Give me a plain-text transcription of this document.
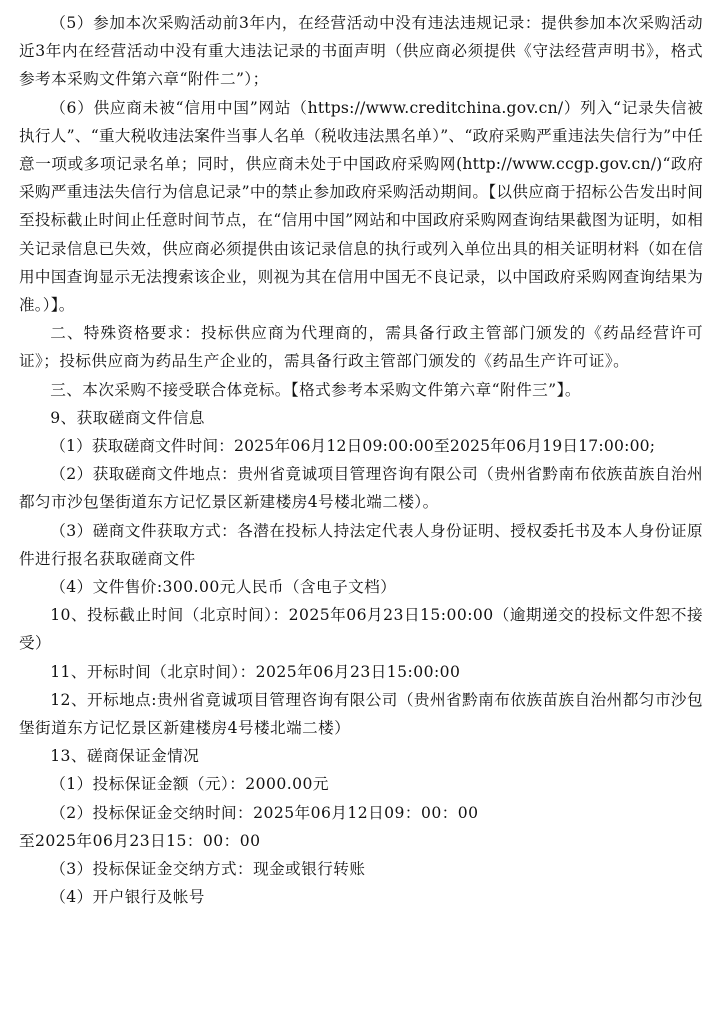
（5）参加本次采购活动前3年内，在经营活动中没有违法违规记录：提供参加本次采购活动近3年内在经营活动中没有重大违法记录的书面声明（供应商必须提供《守法经营声明书》，格式参考本采购文件第六章“附件二”）；

（6）供应商未被“信用中国”网站（https://www.creditchina.gov.cn/）列入“记录失信被执行人”、“重大税收违法案件当事人名单（税收违法黑名单）”、“政府采购严重违法失信行为”中任意一项或多项记录名单；同时，供应商未处于中国政府采购网(http://www.ccgp.gov.cn/)“政府采购严重违法失信行为信息记录”中的禁止参加政府采购活动期间。【以供应商于招标公告发出时间至投标截止时间止任意时间节点，在“信用中国”网站和中国政府采购网查询结果截图为证明，如相关记录信息已失效，供应商必须提供由该记录信息的执行或列入单位出具的相关证明材料（如在信用中国查询显示无法搜索该企业，则视为其在信用中国无不良记录，以中国政府采购网查询结果为准。）】。

二、特殊资格要求：投标供应商为代理商的，需具备行政主管部门颁发的《药品经营许可证》；投标供应商为药品生产企业的，需具备行政主管部门颁发的《药品生产许可证》。

三、本次采购不接受联合体竞标。【格式参考本采购文件第六章“附件三”】。

9、获取磋商文件信息

（1）获取磋商文件时间：2025年06月12日09:00:00至2025年06月19日17:00:00;

（2）获取磋商文件地点：贵州省竟诚项目管理咨询有限公司（贵州省黔南布依族苗族自治州都匀市沙包堡街道东方记忆景区新建楼房4号楼北端二楼）。

（3）磋商文件获取方式：各潜在投标人持法定代表人身份证明、授权委托书及本人身份证原件进行报名获取磋商文件

（4）文件售价:300.00元人民币（含电子文档）

10、投标截止时间（北京时间）：2025年06月23日15:00:00（逾期递交的投标文件恕不接受）

11、开标时间（北京时间）：2025年06月23日15:00:00

12、开标地点:贵州省竟诚项目管理咨询有限公司（贵州省黔南布依族苗族自治州都匀市沙包堡街道东方记忆景区新建楼房4号楼北端二楼）

13、磋商保证金情况

（1）投标保证金额（元）：2000.00元

（2）投标保证金交纳时间：2025年06月12日09：00：00

至2025年06月23日15：00：00

（3）投标保证金交纳方式：现金或银行转账

（4）开户银行及帐号
